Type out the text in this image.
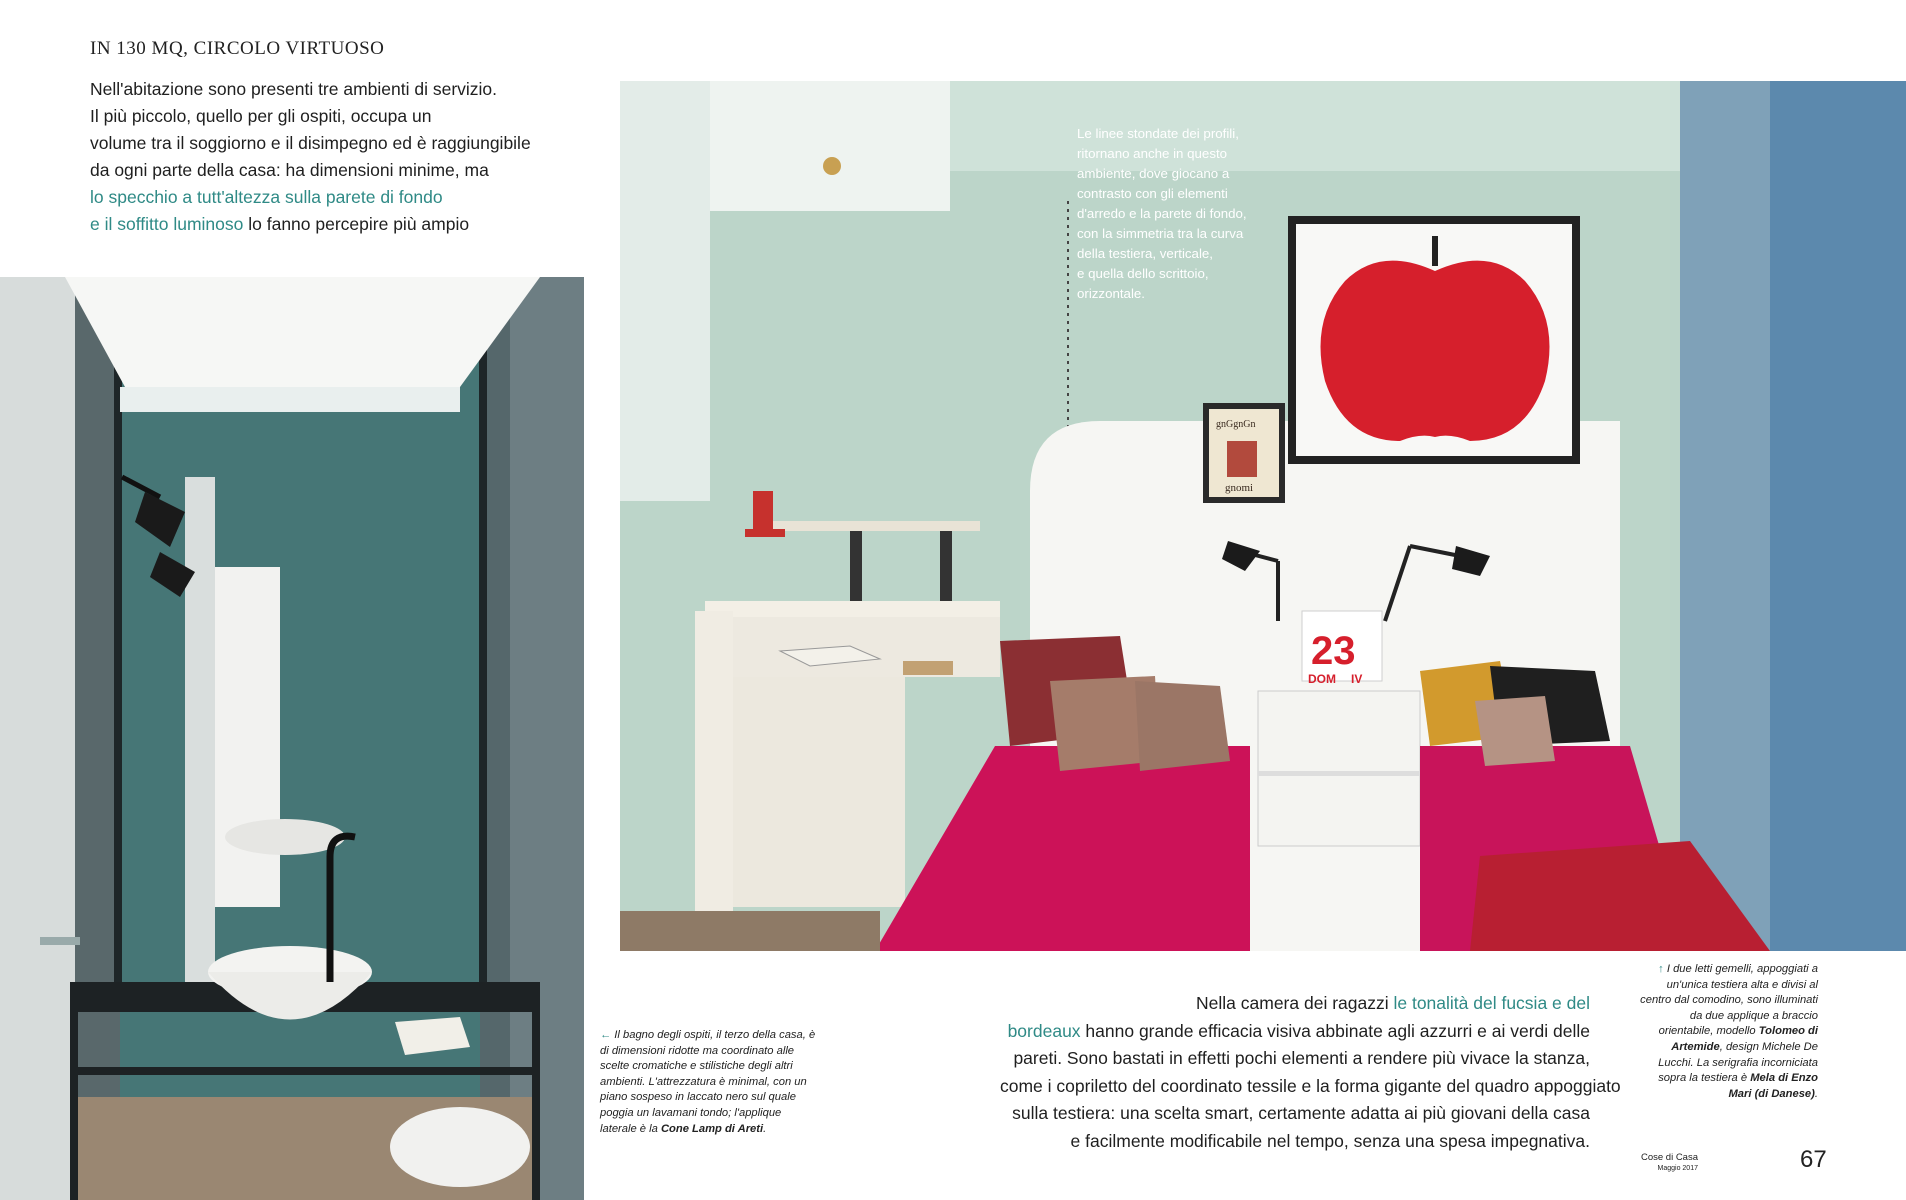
IN 130 MQ, CIRCOLO VIRTUOSO
Nell'abitazione sono presenti tre ambienti di servizio.
Il più piccolo, quello per gli ospiti, occupa un
volume tra il soggiorno e il disimpegno ed è raggiungibile
da ogni parte della casa: ha dimensioni minime, ma
lo specchio a tutt'altezza sulla parete di fondo
e il soffitto luminoso lo fanno percepire più ampio
gnGgnGn
gnomi
23
DOM IV
Le linee stondate dei profili,
ritornano anche in questo
ambiente, dove giocano a
contrasto con gli elementi
d'arredo e la parete di fondo,
con la simmetria tra la curva
della testiera, verticale,
e quella dello scrittoio,
orizzontale.
← Il bagno degli ospiti, il terzo della casa, è di dimensioni ridotte ma coordinato alle scelte cromatiche e stilistiche degli altri ambienti. L'attrezzatura è minimal, con un piano sospeso in laccato nero sul quale poggia un lavamani tondo; l'applique laterale è la Cone Lamp di Areti.
Nella camera dei ragazzi le tonalità del fucsia e del
bordeaux hanno grande efficacia visiva abbinate agli azzurri e ai verdi delle
pareti. Sono bastati in effetti pochi elementi a rendere più vivace la stanza,
come i copriletto del coordinato tessile e la forma gigante del quadro appoggiato
sulla testiera: una scelta smart, certamente adatta ai più giovani della casa
e facilmente modificabile nel tempo, senza una spesa impegnativa.
↑ I due letti gemelli, appoggiati a un'unica testiera alta e divisi al centro dal comodino, sono illuminati da due applique a braccio orientabile, modello Tolomeo di Artemide, design Michele De Lucchi. La serigrafia incorniciata sopra la testiera è Mela di Enzo Mari (di Danese).
Cose di Casa
Maggio 2017	67
